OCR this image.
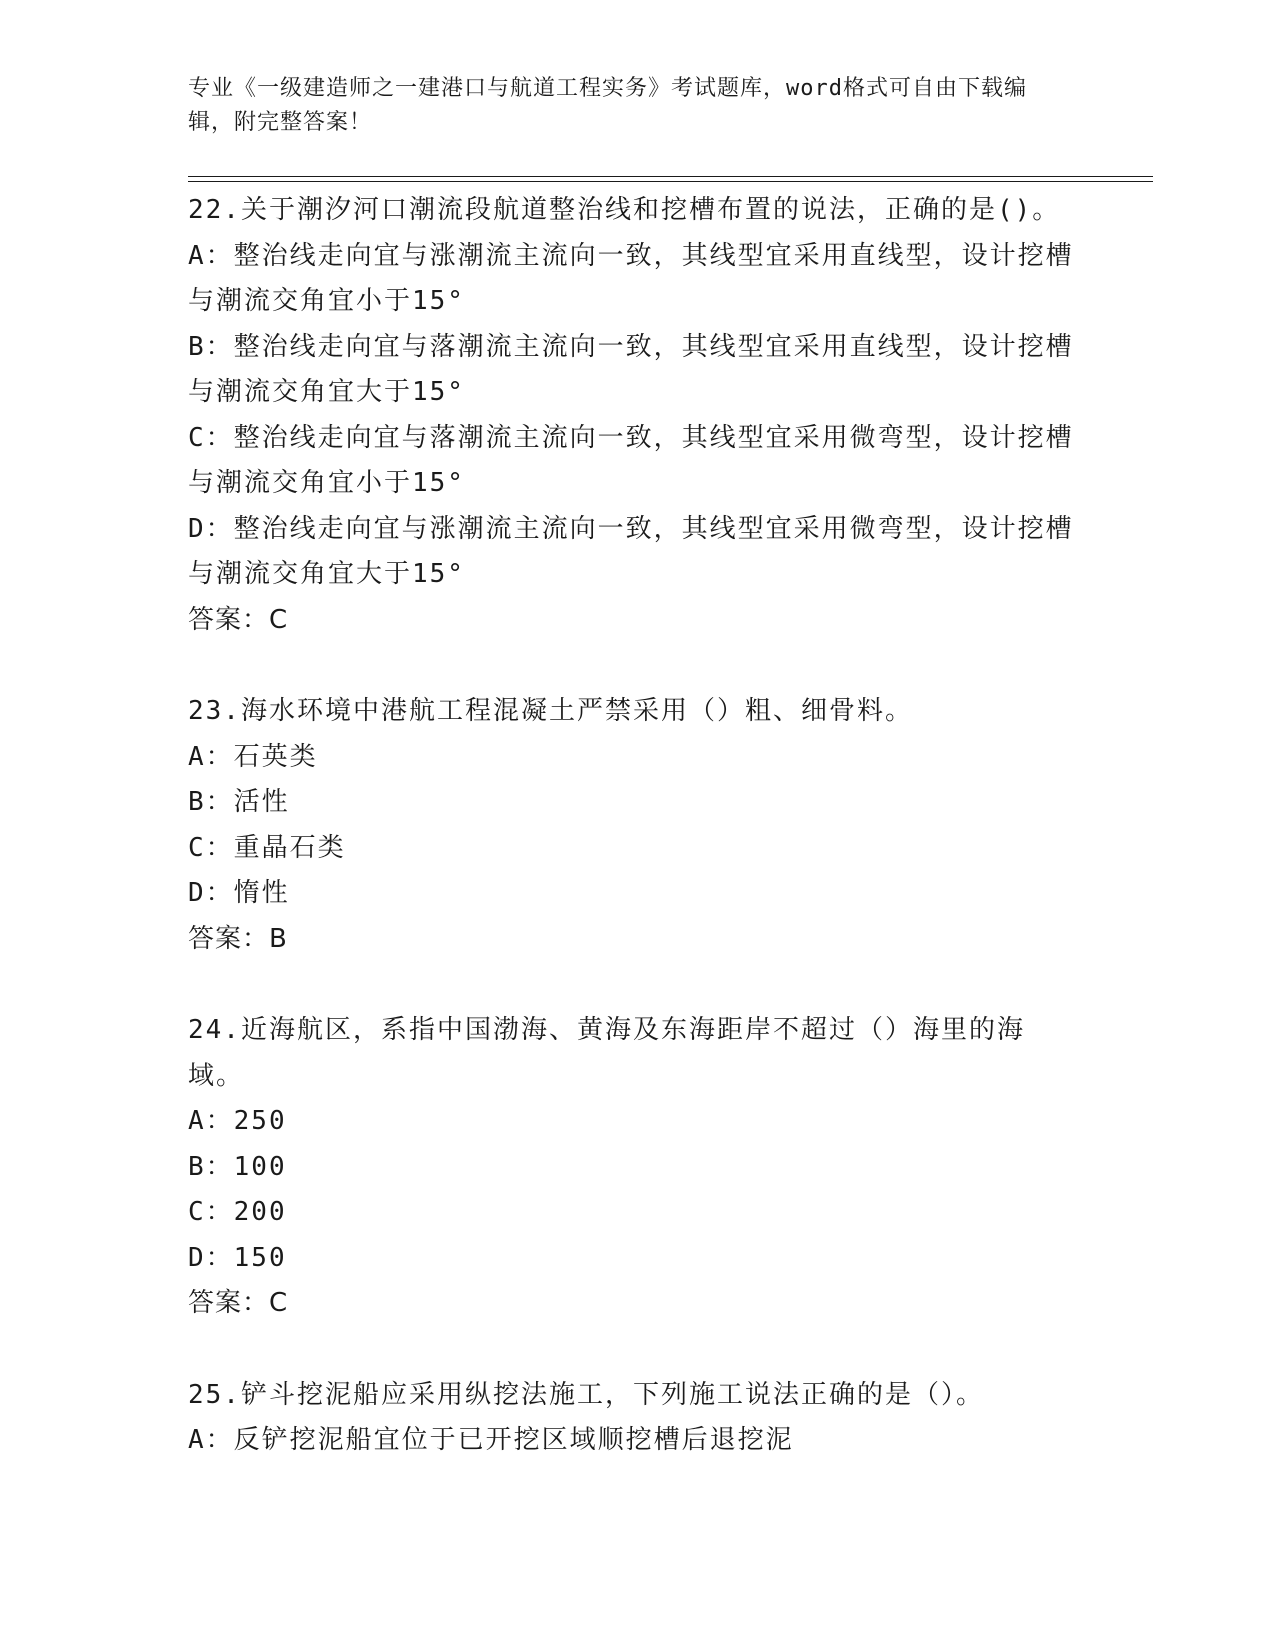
专业《一级建造师之一建港口与航道工程实务》考试题库，word格式可自由下载编辑，附完整答案！

22.关于潮汐河口潮流段航道整治线和挖槽布置的说法，正确的是()。

A：整治线走向宜与涨潮流主流向一致，其线型宜采用直线型，设计挖槽与潮流交角宜小于15°

B：整治线走向宜与落潮流主流向一致，其线型宜采用直线型，设计挖槽与潮流交角宜大于15°

C：整治线走向宜与落潮流主流向一致，其线型宜采用微弯型，设计挖槽与潮流交角宜小于15°

D：整治线走向宜与涨潮流主流向一致，其线型宜采用微弯型，设计挖槽与潮流交角宜大于15°

答案：C

23.海水环境中港航工程混凝土严禁采用（）粗、细骨料。

A：石英类

B：活性

C：重晶石类

D：惰性

答案：B

24.近海航区，系指中国渤海、黄海及东海距岸不超过（）海里的海域。

A：250

B：100

C：200

D：150

答案：C

25.铲斗挖泥船应采用纵挖法施工，下列施工说法正确的是（）。

A：反铲挖泥船宜位于已开挖区域顺挖槽后退挖泥
